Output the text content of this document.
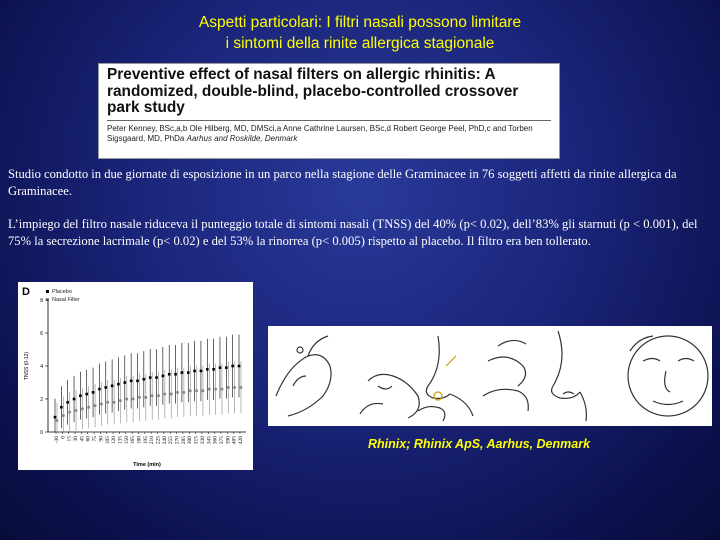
Aspetti particolari: I filtri nasali possono limitare
i sintomi della rinite allergica stagionale
Preventive effect of nasal filters on allergic rhinitis: A randomized, double-blind, placebo-controlled crossover park study
Peter Kenney, BSc,a,b Ole Hilberg, MD, DMSci,a Anne Cathrine Laursen, BSc,d Robert George Peel, PhD,c and Torben Sigsgaard, MD, PhDa Aarhus and Roskilde, Denmark
Studio condotto in due giornate di esposizione in un parco nella stagione delle Graminacee in 76 soggetti affetti da rinite allergica da Graminacee.
L’impiego del filtro nasale riduceva il punteggio totale di sintomi nasali (TNSS) del 40% (p< 0.02), dell’83% gli starnuti (p < 0.001), del 75% la secrezione lacrimale (p< 0.02) e del 53% la rinorrea (p< 0.005) rispetto al placebo. Il filtro era ben tollerato.
D	Placebo
Nasal Filter
0
2
4
6
8
-30 0 15 30 45 60 75 90 105 120 135 150 165 180 195 210 225 240 255 270 285 300 315 330 345 360 375 390 405 420
TNSS (0-12)
Time (min)
Rhinix; Rhinix ApS, Aarhus, Denmark
